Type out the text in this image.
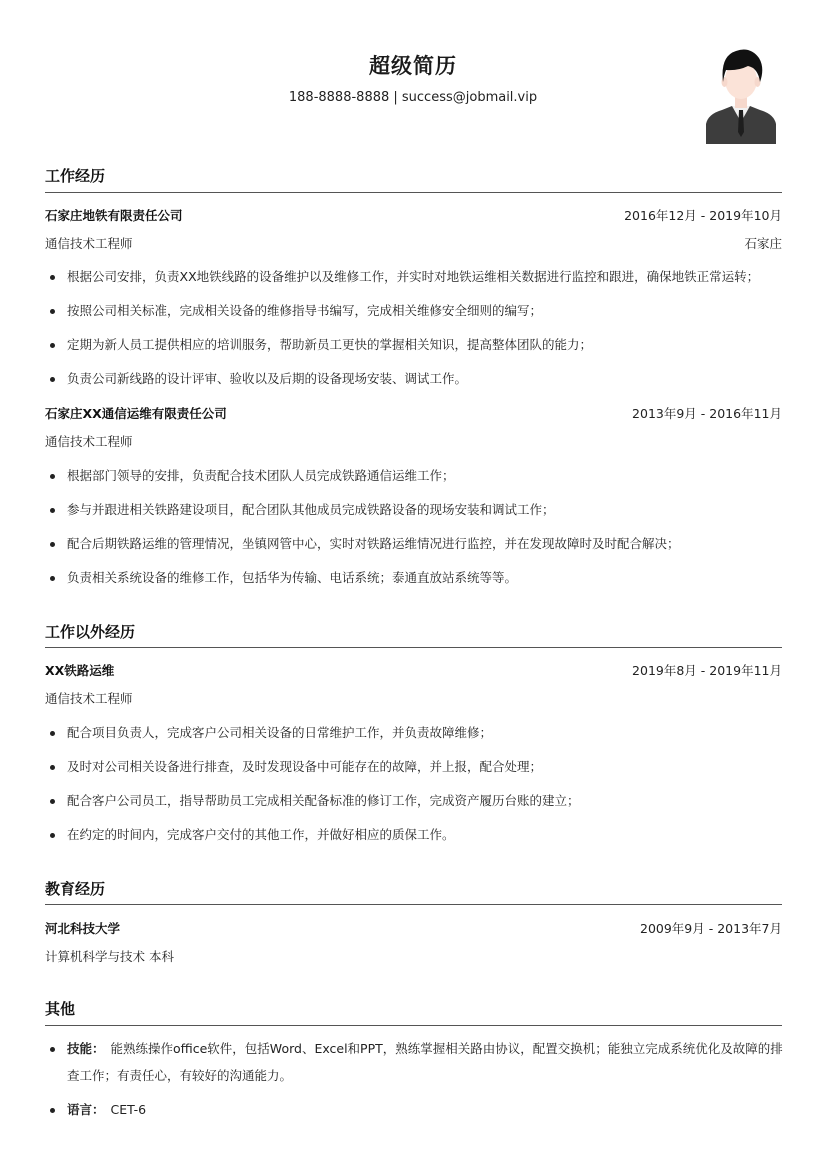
超级简历
188-8888-8888 | success@jobmail.vip
工作经历
石家庄地铁有限责任公司	2016年12月 - 2019年10月
通信技术工程师	石家庄
根据公司安排，负责XX地铁线路的设备维护以及维修工作，并实时对地铁运维相关数据进行监控和跟进，确保地铁正常运转；
按照公司相关标准，完成相关设备的维修指导书编写，完成相关维修安全细则的编写；
定期为新人员工提供相应的培训服务，帮助新员工更快的掌握相关知识，提高整体团队的能力；
负责公司新线路的设计评审、验收以及后期的设备现场安装、调试工作。
石家庄XX通信运维有限责任公司	2013年9月 - 2016年11月
通信技术工程师
根据部门领导的安排，负责配合技术团队人员完成铁路通信运维工作；
参与并跟进相关铁路建设项目，配合团队其他成员完成铁路设备的现场安装和调试工作；
配合后期铁路运维的管理情况，坐镇网管中心，实时对铁路运维情况进行监控，并在发现故障时及时配合解决；
负责相关系统设备的维修工作，包括华为传输、电话系统；泰通直放站系统等等。
工作以外经历
XX铁路运维	2019年8月 - 2019年11月
通信技术工程师
配合项目负责人，完成客户公司相关设备的日常维护工作，并负责故障维修；
及时对公司相关设备进行排查，及时发现设备中可能存在的故障，并上报，配合处理；
配合客户公司员工，指导帮助员工完成相关配备标准的修订工作，完成资产履历台账的建立；
在约定的时间内，完成客户交付的其他工作，并做好相应的质保工作。
教育经历
河北科技大学	2009年9月 - 2013年7月
计算机科学与技术 本科
其他
技能： 能熟练操作office软件，包括Word、Excel和PPT，熟练掌握相关路由协议，配置交换机；能独立完成系统优化及故障的排查工作；有责任心，有较好的沟通能力。
语言： CET-6
